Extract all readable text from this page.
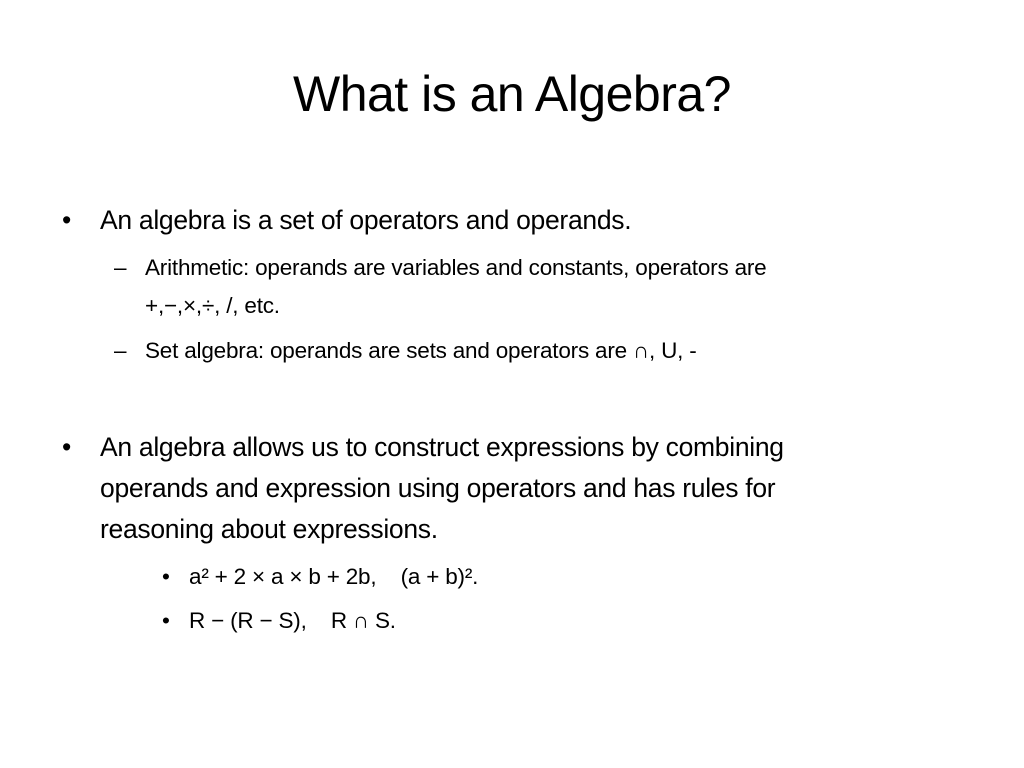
What is an Algebra?
• An algebra is a set of operators and operands.
– Arithmetic: operands are variables and constants, operators are
+,−,×,÷, /, etc.
– Set algebra: operands are sets and operators are ∩, U, -
• An algebra allows us to construct expressions by combining
operands and expression using operators and has rules for
reasoning about expressions.
• a² + 2 × a × b + 2b,    (a + b)².
• R − (R − S),    R ∩ S.
